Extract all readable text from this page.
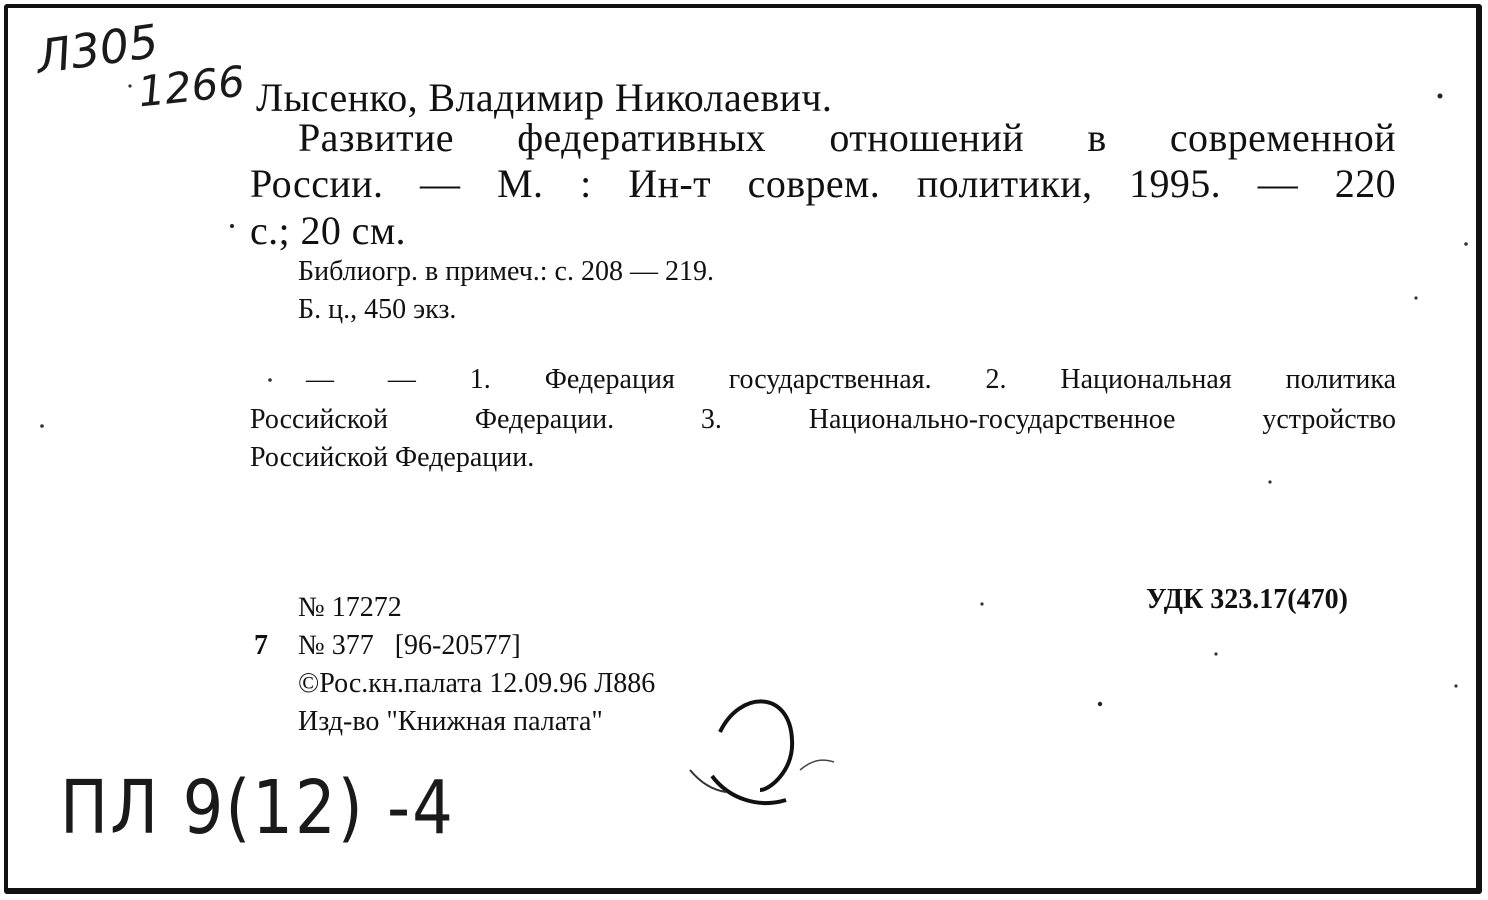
Л305
1266 Лысенко, Владимир Николаевич.
Развитие федеративных отношений в современной
России. — М. : Ин-т соврем. политики, 1995. — 220
с.; 20 см.
Библиогр. в примеч.: с. 208 — 219.
Б. ц., 450 экз.
— — 1. Федерация государственная. 2. Национальная политика
Российской Федерации. 3. Национально-государственное устройство
Российской Федерации.
№ 17272	УДК 323.17(470)
7 № 377   [96-20577]
©Рос.кн.палата 12.09.96 Л886
Изд-во "Книжная палата"
ПЛ 9(12) -4
